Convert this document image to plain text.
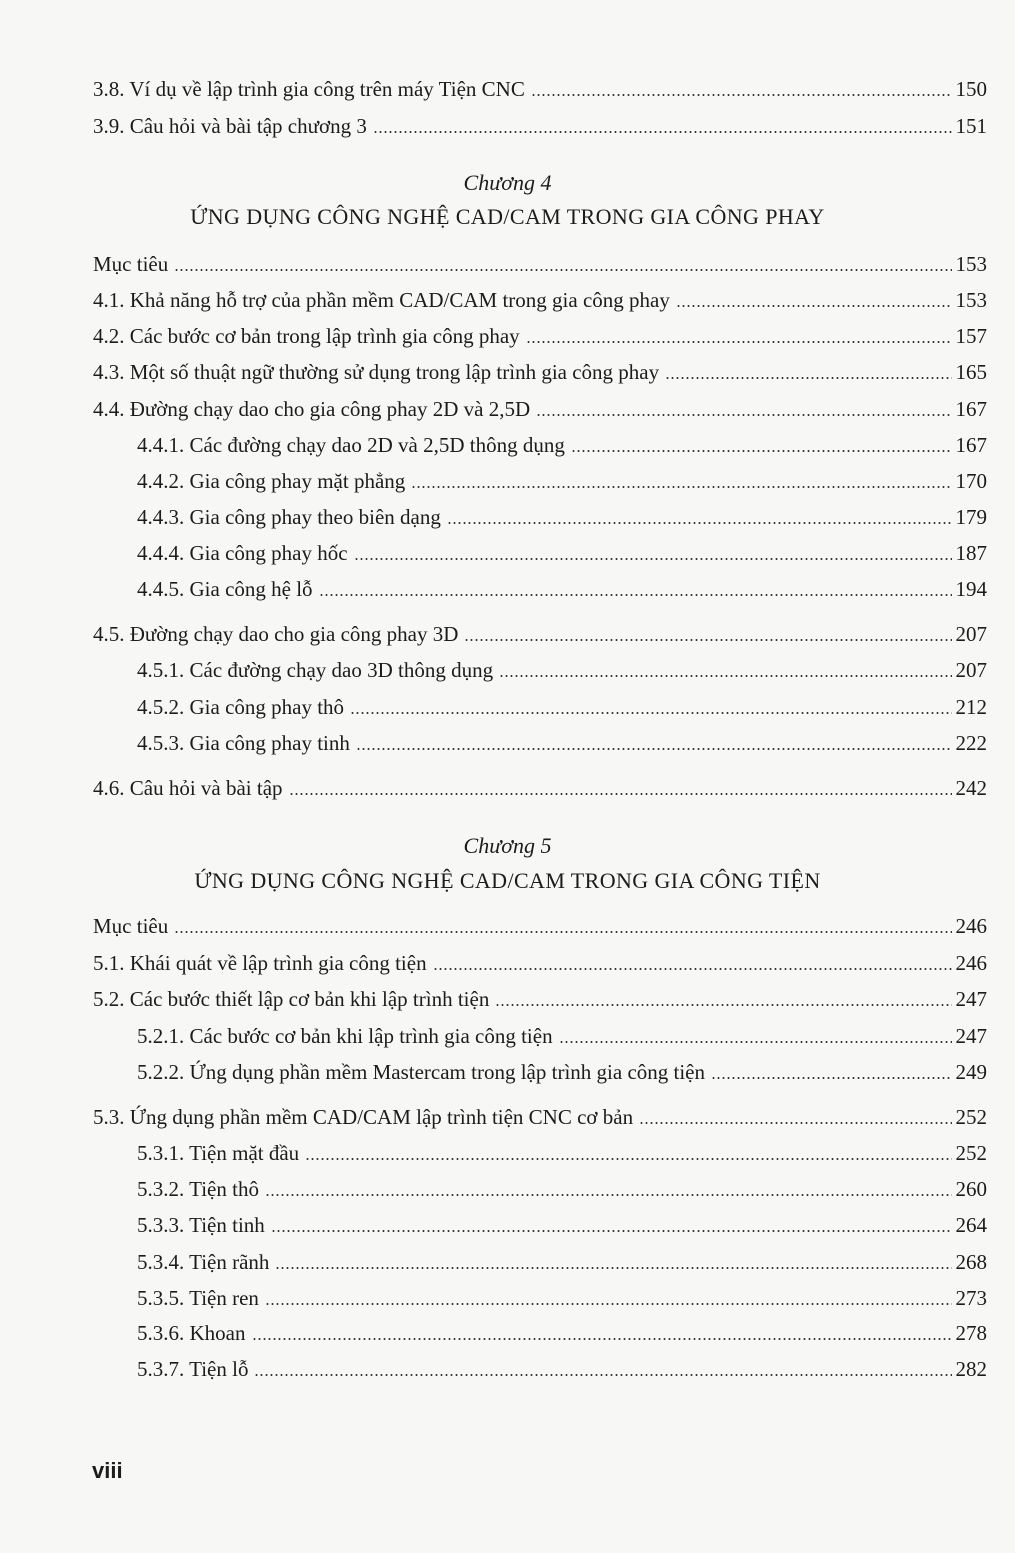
3.8. Ví dụ về lập trình gia công trên máy Tiện CNC	150
3.9. Câu hỏi và bài tập chương 3	151
Chương 4
ỨNG DỤNG CÔNG NGHỆ CAD/CAM TRONG GIA CÔNG PHAY
Mục tiêu	153
4.1. Khả năng hỗ trợ của phần mềm CAD/CAM trong gia công phay	153
4.2. Các bước cơ bản trong lập trình gia công phay	157
4.3. Một số thuật ngữ thường sử dụng trong lập trình gia công phay	165
4.4. Đường chạy dao cho gia công phay 2D và 2,5D	167
4.4.1. Các đường chạy dao 2D và 2,5D thông dụng	167
4.4.2. Gia công phay mặt phẳng	170
4.4.3. Gia công phay theo biên dạng	179
4.4.4. Gia công phay hốc	187
4.4.5. Gia công hệ lỗ	194
4.5. Đường chạy dao cho gia công phay 3D	207
4.5.1. Các đường chạy dao 3D thông dụng	207
4.5.2. Gia công phay thô	212
4.5.3. Gia công phay tinh	222
4.6. Câu hỏi và bài tập	242
Chương 5
ỨNG DỤNG CÔNG NGHỆ CAD/CAM TRONG GIA CÔNG TIỆN
Mục tiêu	246
5.1. Khái quát về lập trình gia công tiện	246
5.2. Các bước thiết lập cơ bản khi lập trình tiện	247
5.2.1. Các bước cơ bản khi lập trình gia công tiện	247
5.2.2. Ứng dụng phần mềm Mastercam trong lập trình gia công tiện	249
5.3. Ứng dụng phần mềm CAD/CAM lập trình tiện CNC cơ bản	252
5.3.1. Tiện mặt đầu	252
5.3.2. Tiện thô	260
5.3.3. Tiện tinh	264
5.3.4. Tiện rãnh	268
5.3.5. Tiện ren	273
5.3.6. Khoan	278
5.3.7. Tiện lỗ	282
viii
